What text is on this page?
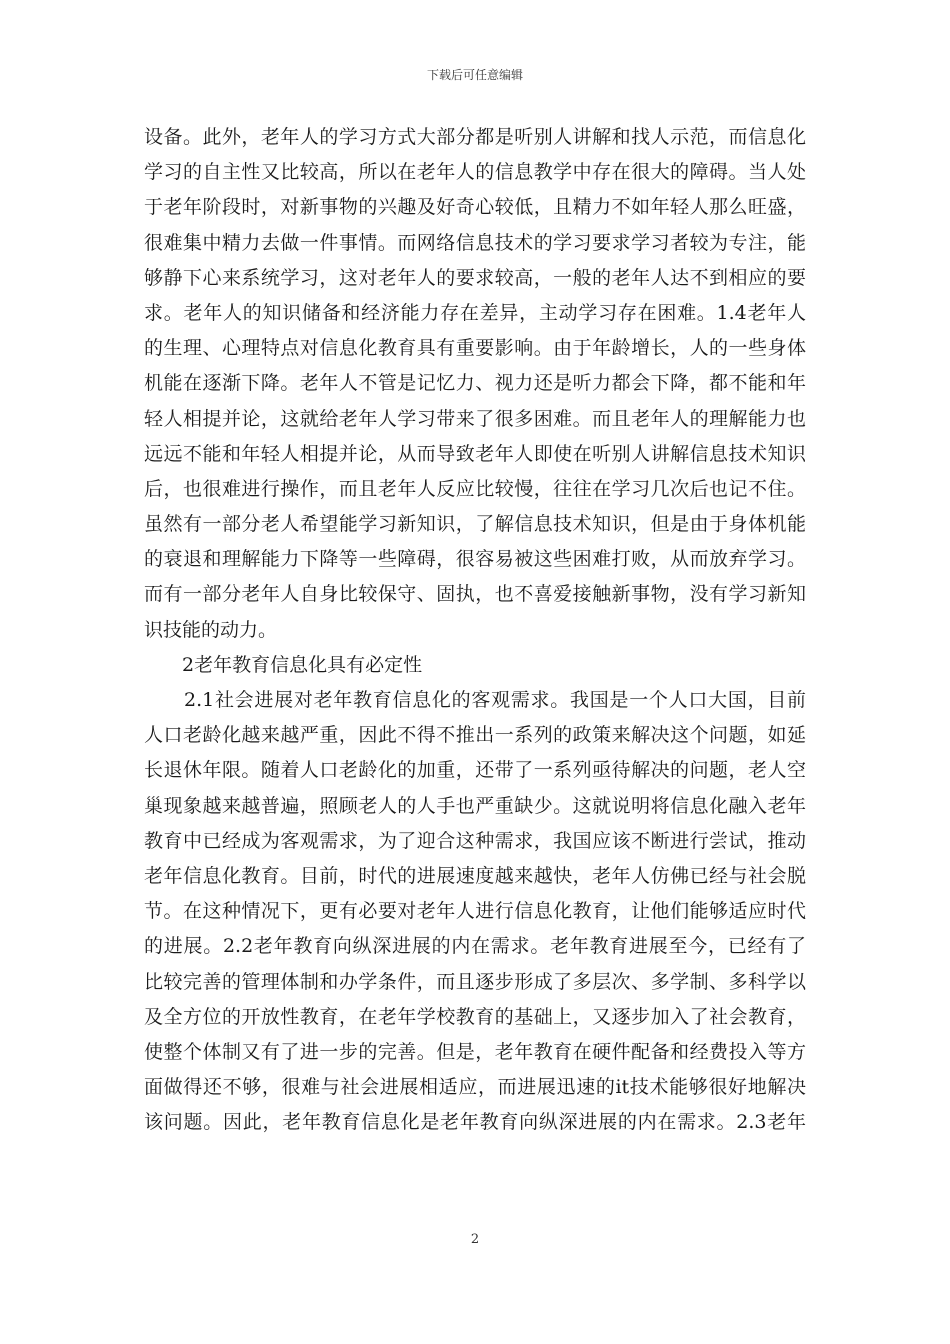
下载后可任意编辑
设备。此外，老年人的学习方式大部分都是听别人讲解和找人示范，而信息化
学习的自主性又比较高，所以在老年人的信息教学中存在很大的障碍。当人处
于老年阶段时，对新事物的兴趣及好奇心较低，且精力不如年轻人那么旺盛，
很难集中精力去做一件事情。而网络信息技术的学习要求学习者较为专注，能
够静下心来系统学习，这对老年人的要求较高，一般的老年人达不到相应的要
求。老年人的知识储备和经济能力存在差异，主动学习存在困难。1.4老年人
的生理、心理特点对信息化教育具有重要影响。由于年龄增长，人的一些身体
机能在逐渐下降。老年人不管是记忆力、视力还是听力都会下降，都不能和年
轻人相提并论，这就给老年人学习带来了很多困难。而且老年人的理解能力也
远远不能和年轻人相提并论，从而导致老年人即使在听别人讲解信息技术知识
后，也很难进行操作，而且老年人反应比较慢，往往在学习几次后也记不住。
虽然有一部分老人希望能学习新知识，了解信息技术知识，但是由于身体机能
的衰退和理解能力下降等一些障碍，很容易被这些困难打败，从而放弃学习。
而有一部分老年人自身比较保守、固执，也不喜爱接触新事物，没有学习新知
识技能的动力。
2老年教育信息化具有必定性
2.1社会进展对老年教育信息化的客观需求。我国是一个人口大国，目前
人口老龄化越来越严重，因此不得不推出一系列的政策来解决这个问题，如延
长退休年限。随着人口老龄化的加重，还带了一系列亟待解决的问题，老人空
巢现象越来越普遍，照顾老人的人手也严重缺少。这就说明将信息化融入老年
教育中已经成为客观需求，为了迎合这种需求，我国应该不断进行尝试，推动
老年信息化教育。目前，时代的进展速度越来越快，老年人仿佛已经与社会脱
节。在这种情况下，更有必要对老年人进行信息化教育，让他们能够适应时代
的进展。2.2老年教育向纵深进展的内在需求。老年教育进展至今，已经有了
比较完善的管理体制和办学条件，而且逐步形成了多层次、多学制、多科学以
及全方位的开放性教育，在老年学校教育的基础上，又逐步加入了社会教育，
使整个体制又有了进一步的完善。但是，老年教育在硬件配备和经费投入等方
面做得还不够，很难与社会进展相适应，而进展迅速的it技术能够很好地解决
该问题。因此，老年教育信息化是老年教育向纵深进展的内在需求。2.3老年
2
